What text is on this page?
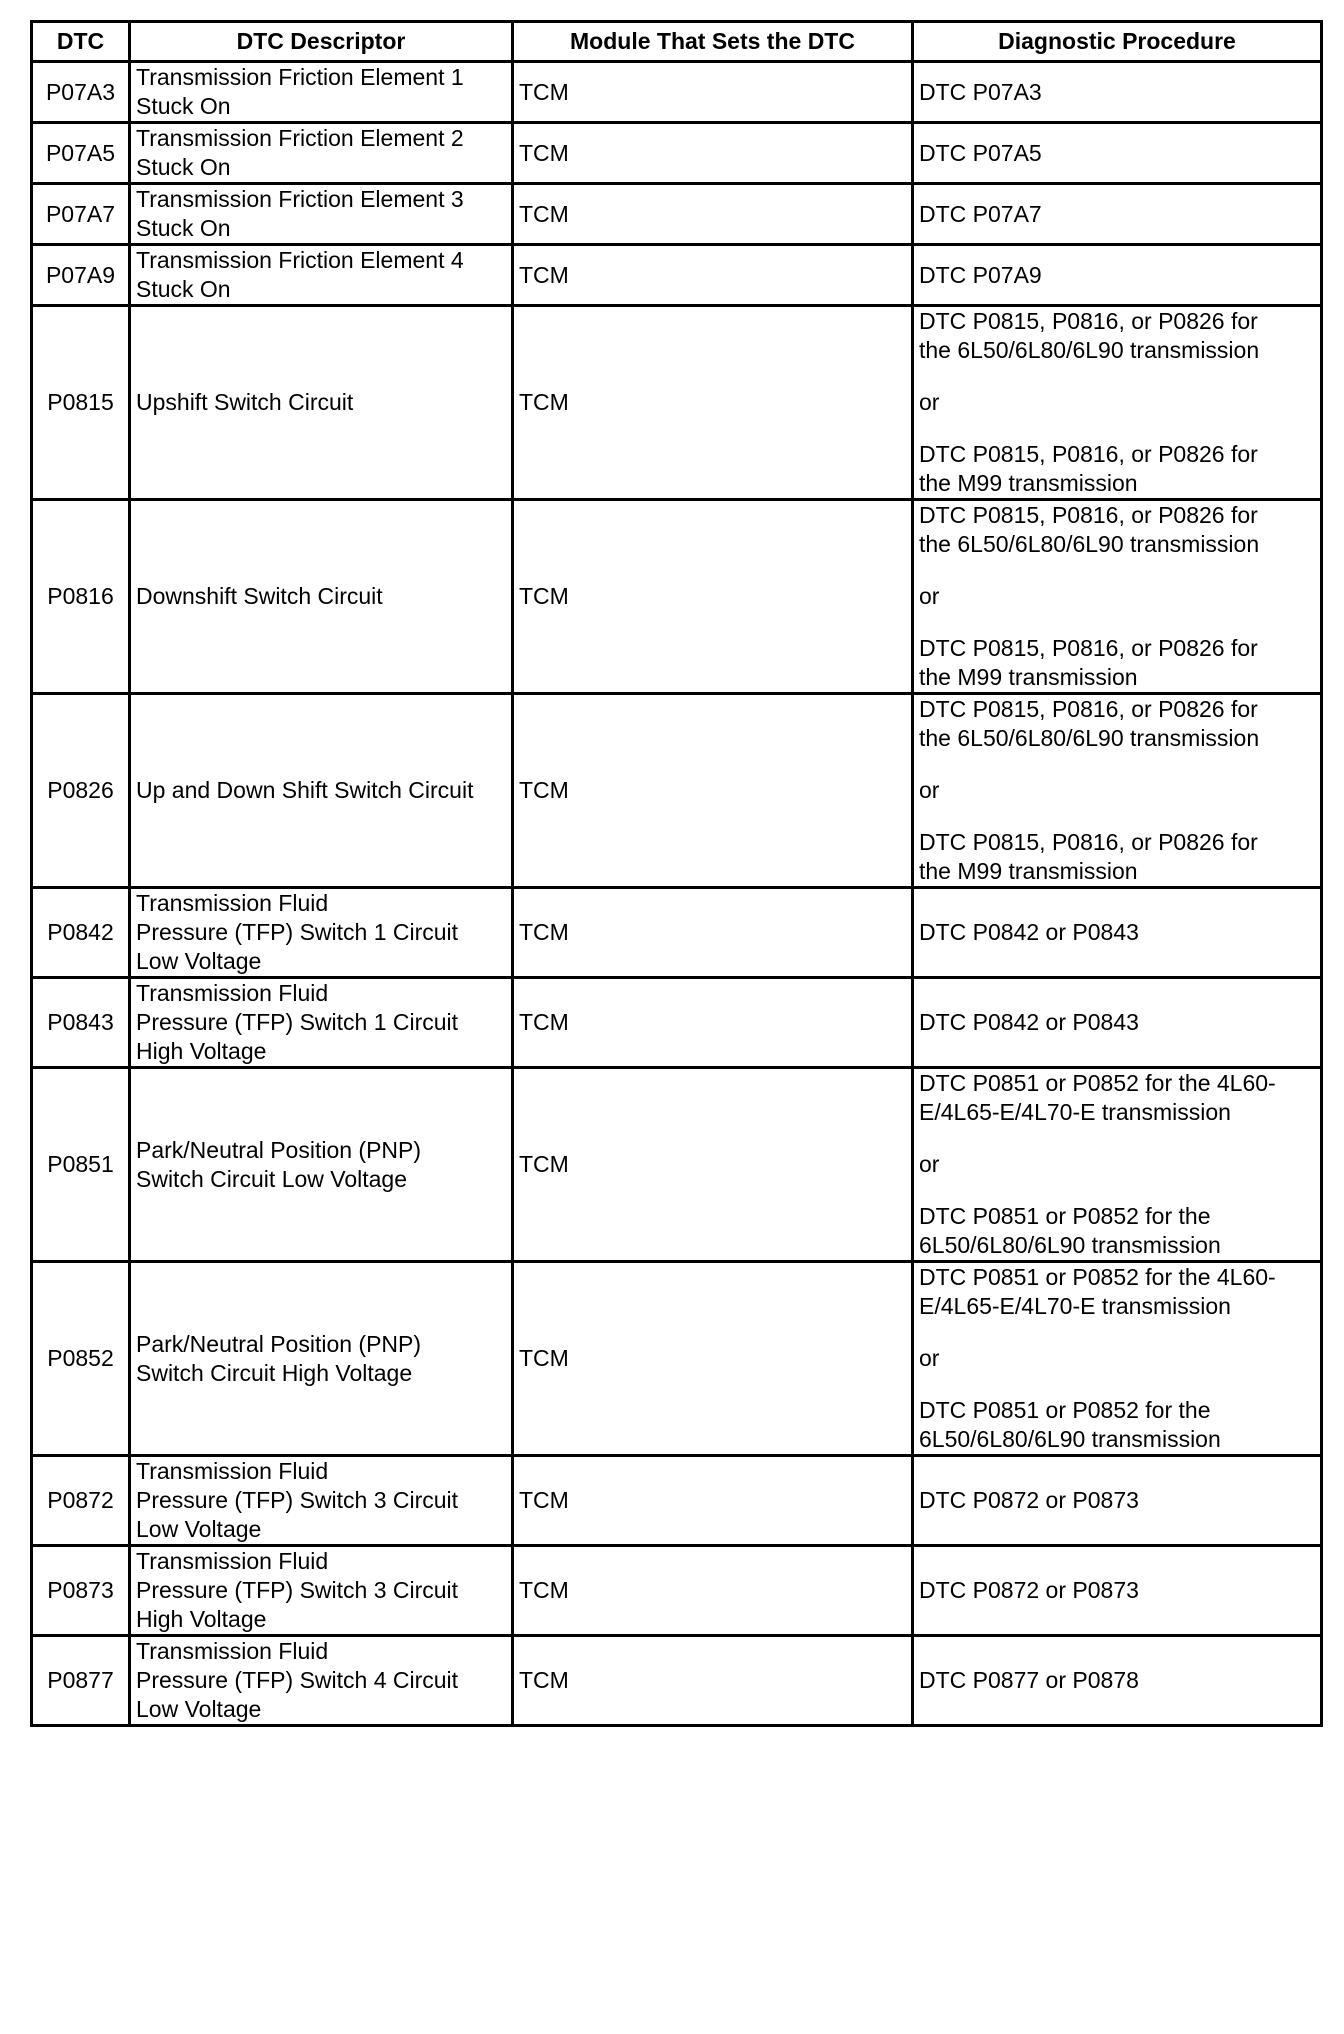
DTC	DTC Descriptor	Module That Sets the DTC	Diagnostic Procedure
P07A3	Transmission Friction Element 1
Stuck On	TCM	DTC P07A3

P07A5	Transmission Friction Element 2
Stuck On	TCM	DTC P07A5

P07A7	Transmission Friction Element 3
Stuck On	TCM	DTC P07A7

P07A9	Transmission Friction Element 4
Stuck On	TCM	DTC P07A9

P0815	Upshift Switch Circuit	TCM	DTC P0815, P0816, or P0826 for
the 6L50/6L80/6L90 transmission
or
DTC P0815, P0816, or P0826 for
the M99 transmission

P0816	Downshift Switch Circuit	TCM	DTC P0815, P0816, or P0826 for
the 6L50/6L80/6L90 transmission
or
DTC P0815, P0816, or P0826 for
the M99 transmission

P0826	Up and Down Shift Switch Circuit	TCM	DTC P0815, P0816, or P0826 for
the 6L50/6L80/6L90 transmission
or
DTC P0815, P0816, or P0826 for
the M99 transmission

P0842	Transmission Fluid
Pressure (TFP) Switch 1 Circuit
Low Voltage	TCM	DTC P0842 or P0843

P0843	Transmission Fluid
Pressure (TFP) Switch 1 Circuit
High Voltage	TCM	DTC P0842 or P0843

P0851	Park/Neutral Position (PNP)
Switch Circuit Low Voltage	TCM	DTC P0851 or P0852 for the 4L60-
E/4L65-E/4L70-E transmission
or
DTC P0851 or P0852 for the
6L50/6L80/6L90 transmission

P0852	Park/Neutral Position (PNP)
Switch Circuit High Voltage	TCM	DTC P0851 or P0852 for the 4L60-
E/4L65-E/4L70-E transmission
or
DTC P0851 or P0852 for the
6L50/6L80/6L90 transmission

P0872	Transmission Fluid
Pressure (TFP) Switch 3 Circuit
Low Voltage	TCM	DTC P0872 or P0873

P0873	Transmission Fluid
Pressure (TFP) Switch 3 Circuit
High Voltage	TCM	DTC P0872 or P0873

P0877	Transmission Fluid
Pressure (TFP) Switch 4 Circuit
Low Voltage	TCM	DTC P0877 or P0878
